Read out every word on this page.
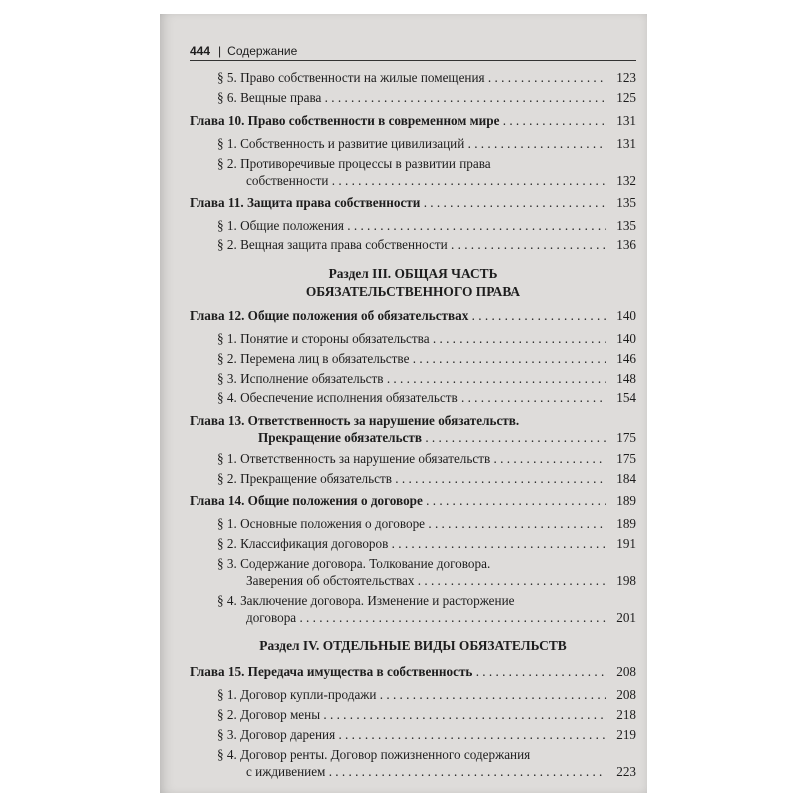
444 | Содержание
§ 5. Право собственности на жилые помещения . . .	123
§ 6. Вещные права . . .	125
Глава 10. Право собственности в современном мире . . .	131
§ 1. Собственность и развитие цивилизаций . . .	131
§ 2. Противоречивые процессы в развитии права
собственности . . .	132
Глава 11. Защита права собственности . . .	135
§ 1. Общие положения . . .	135
§ 2. Вещная защита права собственности . . .	136
Раздел III. ОБЩАЯ ЧАСТЬ
ОБЯЗАТЕЛЬСТВЕННОГО ПРАВА
Глава 12. Общие положения об обязательствах . . .	140
§ 1. Понятие и стороны обязательства . . .	140
§ 2. Перемена лиц в обязательстве . . .	146
§ 3. Исполнение обязательств . . .	148
§ 4. Обеспечение исполнения обязательств . . .	154
Глава 13. Ответственность за нарушение обязательств.
Прекращение обязательств . . .	175
§ 1. Ответственность за нарушение обязательств . . .	175
§ 2. Прекращение обязательств . . .	184
Глава 14. Общие положения о договоре . . .	189
§ 1. Основные положения о договоре . . .	189
§ 2. Классификация договоров . . .	191
§ 3. Содержание договора. Толкование договора.
Заверения об обстоятельствах . . .	198
§ 4. Заключение договора. Изменение и расторжение
договора . . .	201
Раздел IV. ОТДЕЛЬНЫЕ ВИДЫ ОБЯЗАТЕЛЬСТВ
Глава 15. Передача имущества в собственность . . .	208
§ 1. Договор купли-продажи . . .	208
§ 2. Договор мены . . .	218
§ 3. Договор дарения . . .	219
§ 4. Договор ренты. Договор пожизненного содержания
с иждивением . . .	223
